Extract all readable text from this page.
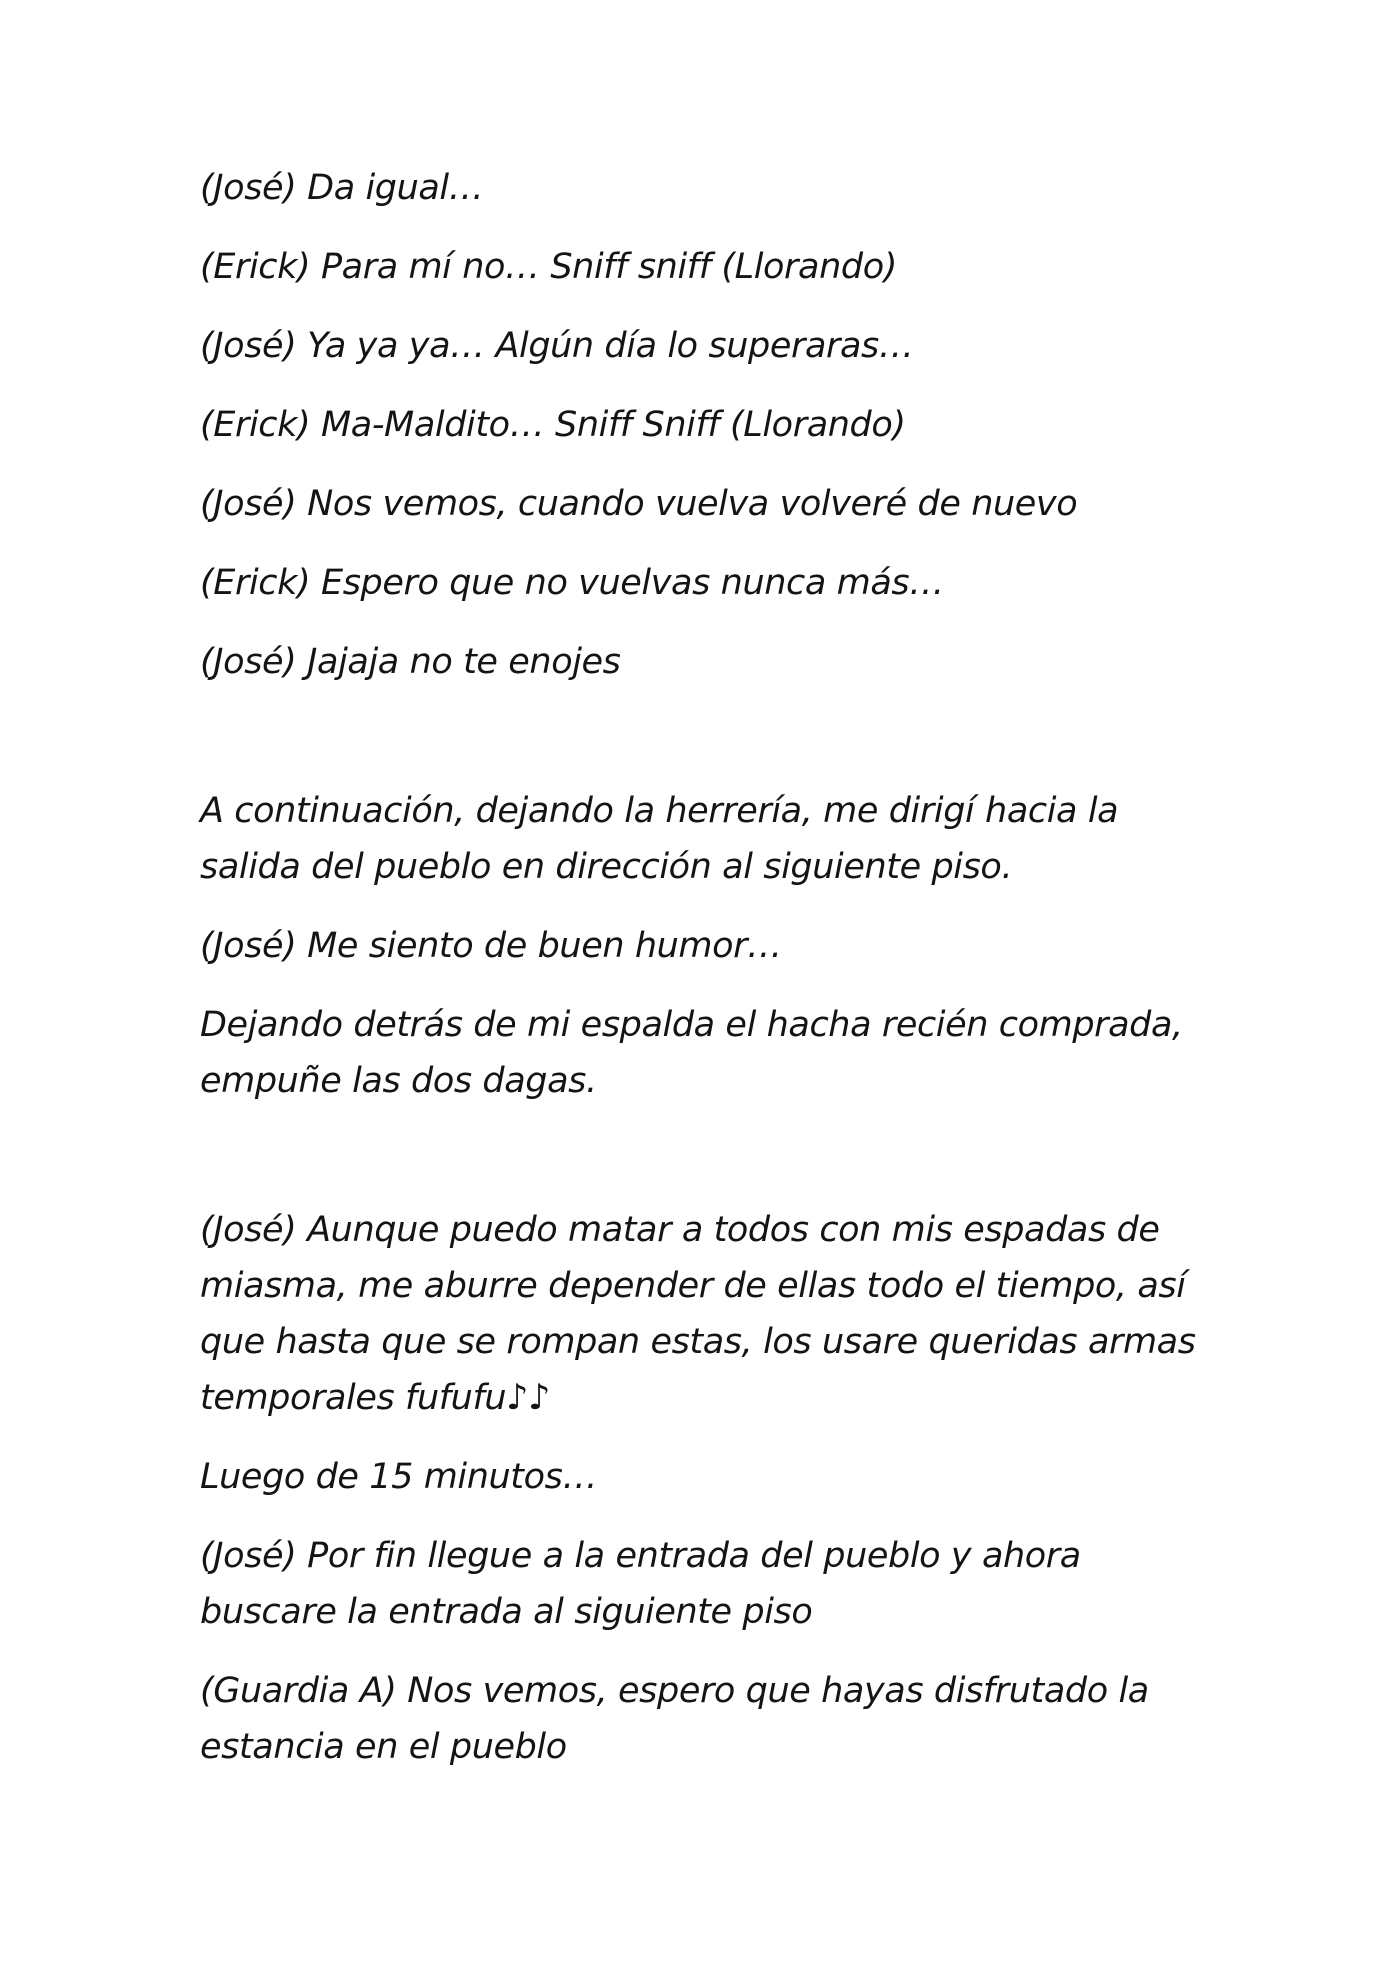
(José) Da igual…

(Erick) Para mí no… Sniff sniff (Llorando)

(José) Ya ya ya… Algún día lo superaras…

(Erick) Ma-Maldito… Sniff Sniff (Llorando)

(José) Nos vemos, cuando vuelva volveré de nuevo

(Erick) Espero que no vuelvas nunca más…

(José) Jajaja no te enojes

A continuación, dejando la herrería, me dirigí hacia la salida del pueblo en dirección al siguiente piso.

(José) Me siento de buen humor…

Dejando detrás de mi espalda el hacha recién comprada, empuñe las dos dagas.

(José) Aunque puedo matar a todos con mis espadas de miasma, me aburre depender de ellas todo el tiempo, así que hasta que se rompan estas, los usare queridas armas temporales fufufu♪♪

Luego de 15 minutos…

(José) Por fin llegue a la entrada del pueblo y ahora buscare la entrada al siguiente piso

(Guardia A) Nos vemos, espero que hayas disfrutado la estancia en el pueblo
